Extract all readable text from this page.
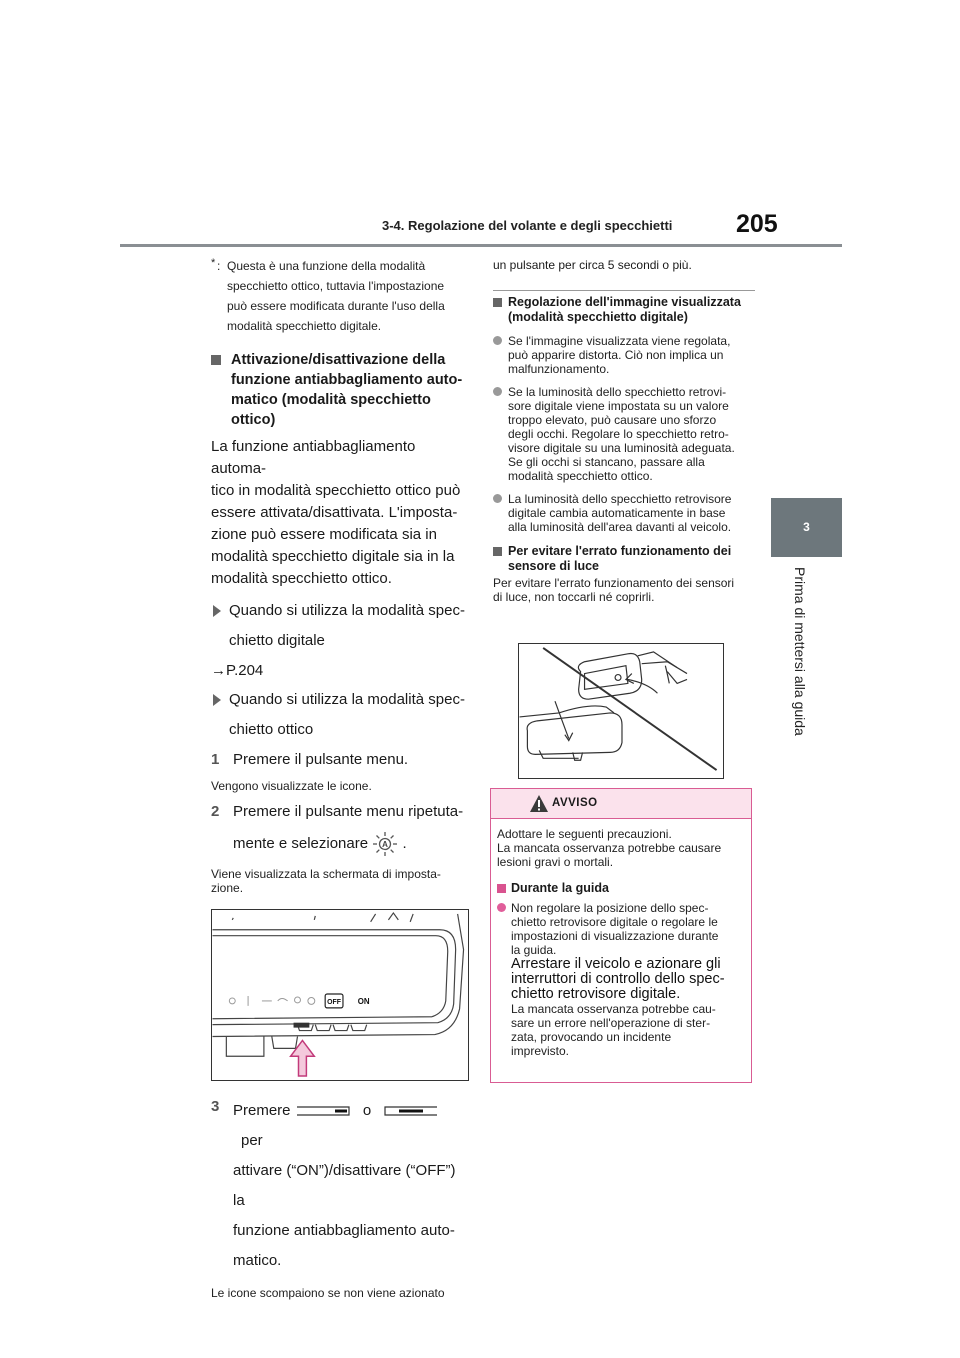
3-4. Regolazione del volante e degli specchietti	205
3
Prima di mettersi alla guida
* : Questa è una funzione della modalità
specchietto ottico, tuttavia l'impostazione
può essere modificata durante l'uso della
modalità specchietto digitale.
Attivazione/disattivazione della
funzione antiabbagliamento auto-
matico (modalità specchietto
ottico)
La funzione antiabbagliamento automa-
tico in modalità specchietto ottico può
essere attivata/disattivata. L'imposta-
zione può essere modificata sia in
modalità specchietto digitale sia in la
modalità specchietto ottico.
Quando si utilizza la modalità spec-
chietto digitale
→P.204
Quando si utilizza la modalità spec-
chietto ottico
1 Premere il pulsante menu.
Vengono visualizzate le icone.
2 Premere il pulsante menu ripetuta-
mente e selezionare A .
Viene visualizzata la schermata di imposta-
zione.
OFF ON
3 Premere	o  per
attivare (“ON”)/disattivare (“OFF”) la
funzione antiabbagliamento auto-
matico.
Le icone scompaiono se non viene azionato
un pulsante per circa 5 secondi o più.
Regolazione dell'immagine visualizzata
(modalità specchietto digitale)
Se l'immagine visualizzata viene regolata,
può apparire distorta. Ciò non implica un
malfunzionamento.
Se la luminosità dello specchietto retrovi-
sore digitale viene impostata su un valore
troppo elevato, può causare uno sforzo
degli occhi. Regolare lo specchietto retro-
visore digitale su una luminosità adeguata.
Se gli occhi si stancano, passare alla
modalità specchietto ottico.
La luminosità dello specchietto retrovisore
digitale cambia automaticamente in base
alla luminosità dell'area davanti al veicolo.
Per evitare l'errato funzionamento dei
sensore di luce
Per evitare l'errato funzionamento dei sensori
di luce, non toccarli né coprirli.
AVVISO
Adottare le seguenti precauzioni.
La mancata osservanza potrebbe causare
lesioni gravi o mortali.
Durante la guida
Non regolare la posizione dello spec-
chietto retrovisore digitale o regolare le
impostazioni di visualizzazione durante
la guida.
Arrestare il veicolo e azionare gli
interruttori di controllo dello spec-
chietto retrovisore digitale.
La mancata osservanza potrebbe cau-
sare un errore nell'operazione di ster-
zata, provocando un incidente
imprevisto.
